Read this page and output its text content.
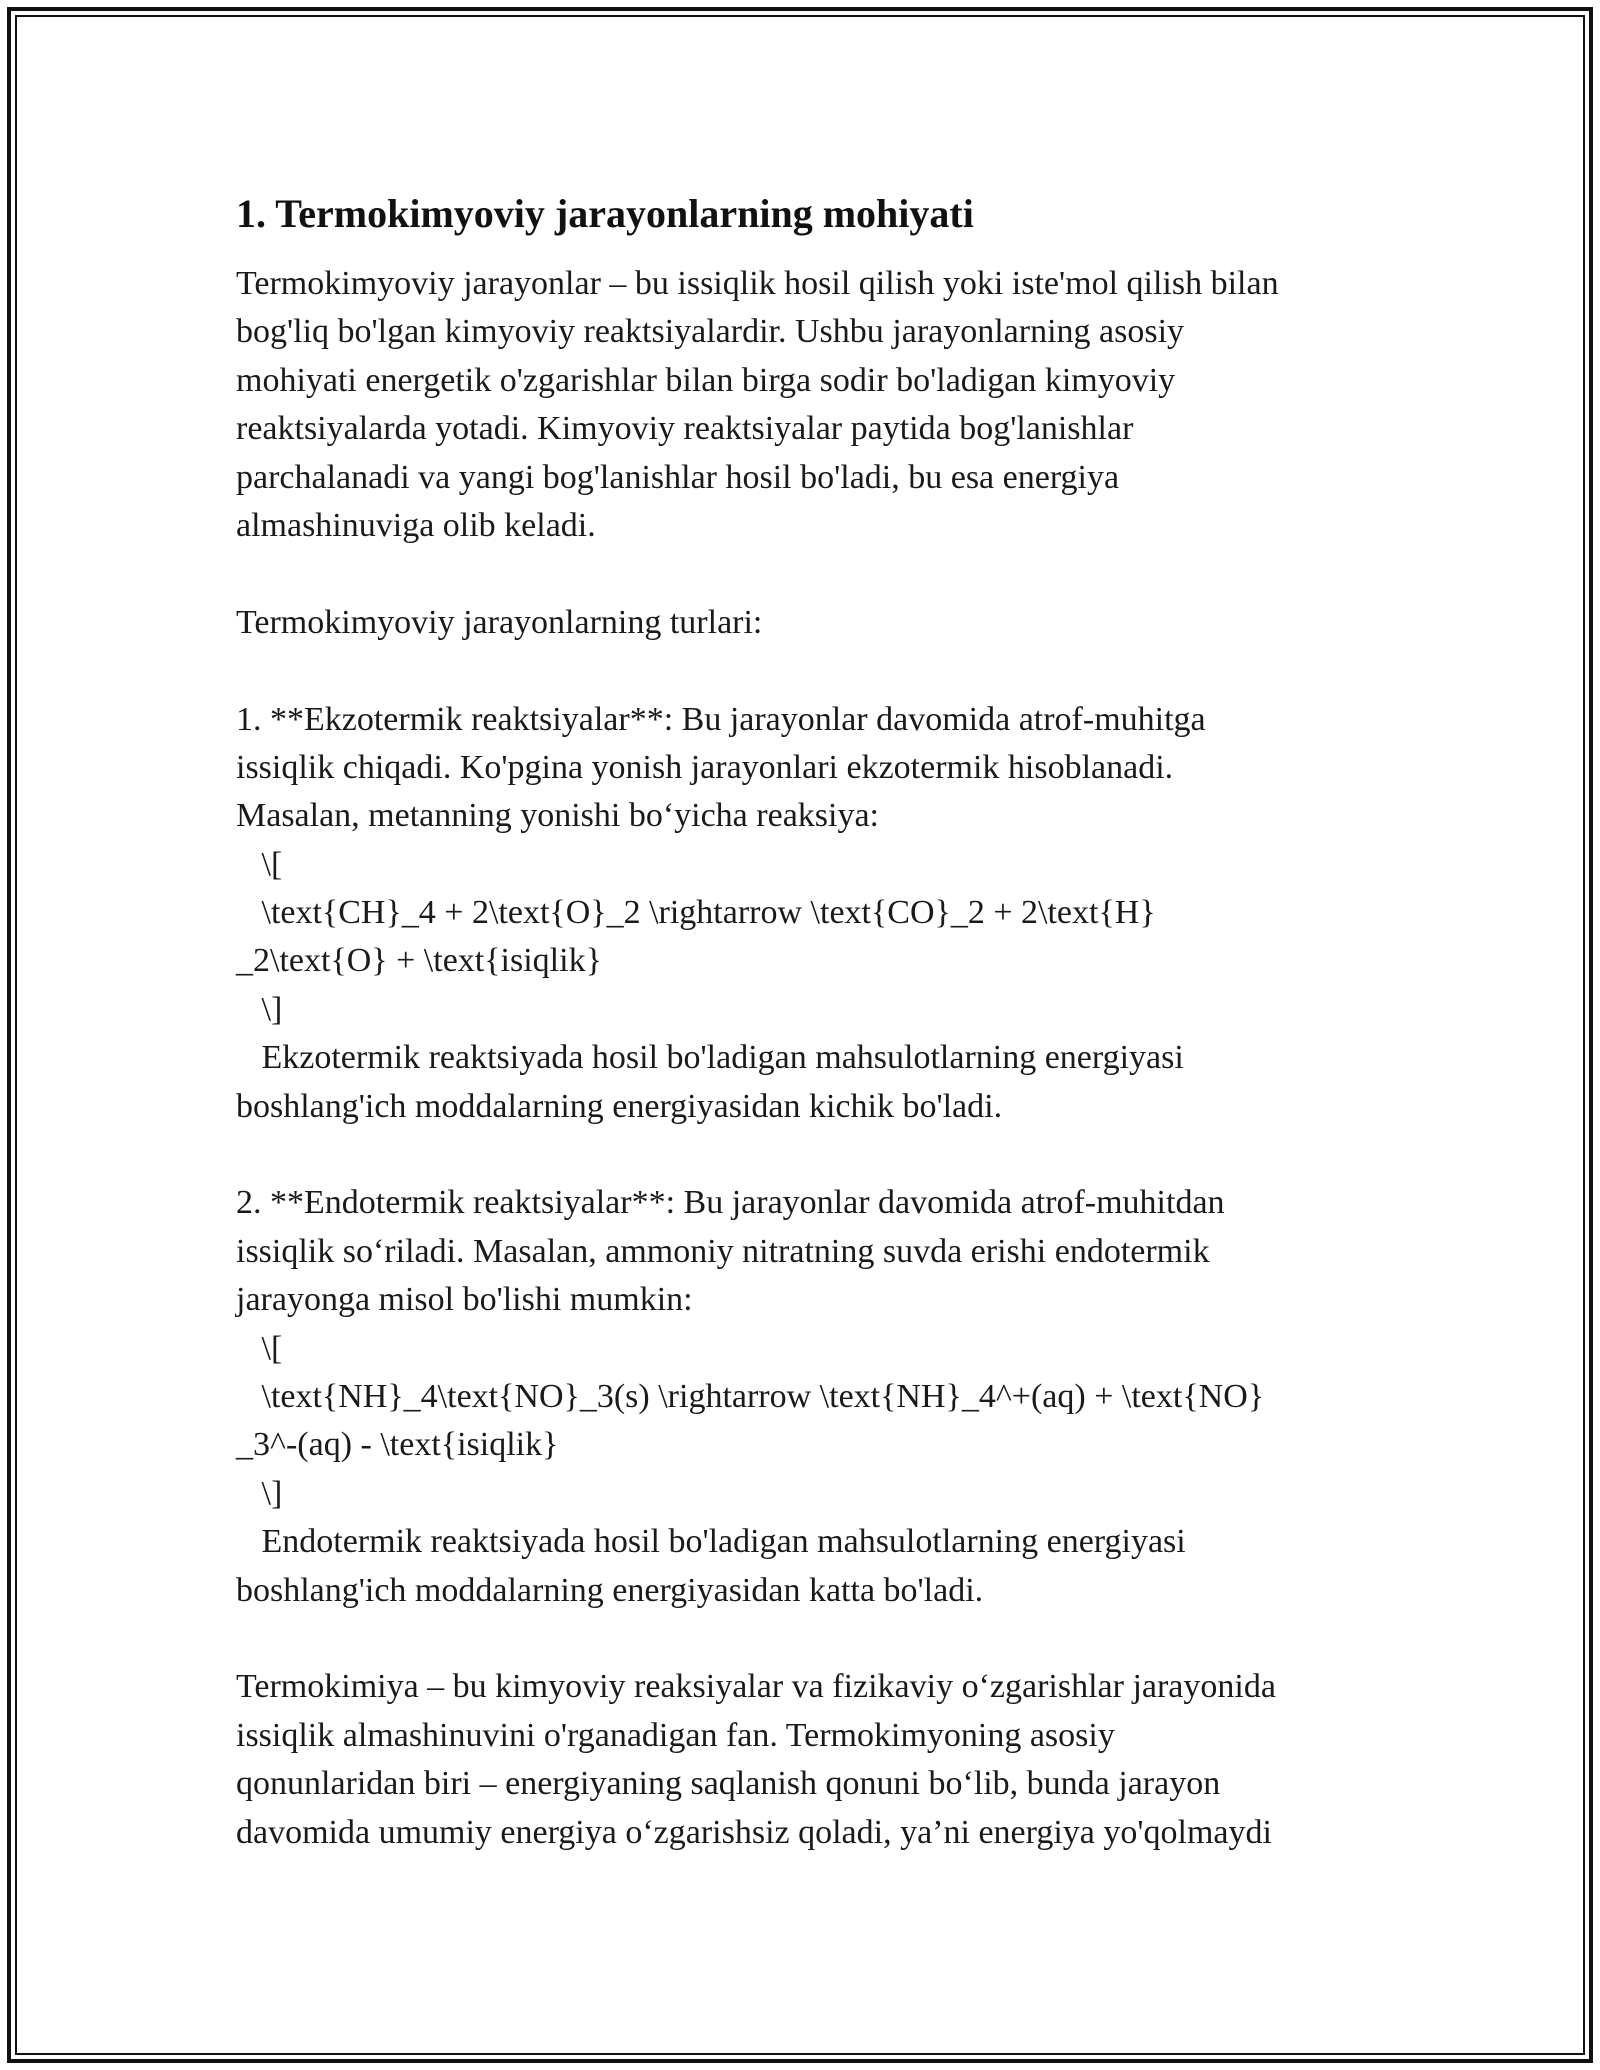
1. Termokimyoviy jarayonlarning mohiyati
Termokimyoviy jarayonlar – bu issiqlik hosil qilish yoki iste'mol qilish bilan
bog'liq bo'lgan kimyoviy reaktsiyalardir. Ushbu jarayonlarning asosiy
mohiyati energetik o'zgarishlar bilan birga sodir bo'ladigan kimyoviy
reaktsiyalarda yotadi. Kimyoviy reaktsiyalar paytida bog'lanishlar
parchalanadi va yangi bog'lanishlar hosil bo'ladi, bu esa energiya
almashinuviga olib keladi.
Termokimyoviy jarayonlarning turlari:
1. **Ekzotermik reaktsiyalar**: Bu jarayonlar davomida atrof-muhitga
issiqlik chiqadi. Ko'pgina yonish jarayonlari ekzotermik hisoblanadi.
Masalan, metanning yonishi bo‘yicha reaksiya:
\[
\text{CH}_4 + 2\text{O}_2 \rightarrow \text{CO}_2 + 2\text{H}
_2\text{O} + \text{isiqlik}
\]
Ekzotermik reaktsiyada hosil bo'ladigan mahsulotlarning energiyasi
boshlang'ich moddalarning energiyasidan kichik bo'ladi.
2. **Endotermik reaktsiyalar**: Bu jarayonlar davomida atrof-muhitdan
issiqlik so‘riladi. Masalan, ammoniy nitratning suvda erishi endotermik
jarayonga misol bo'lishi mumkin:
\[
\text{NH}_4\text{NO}_3(s) \rightarrow \text{NH}_4^+(aq) + \text{NO}
_3^-(aq) - \text{isiqlik}
\]
Endotermik reaktsiyada hosil bo'ladigan mahsulotlarning energiyasi
boshlang'ich moddalarning energiyasidan katta bo'ladi.
Termokimiya – bu kimyoviy reaksiyalar va fizikaviy o‘zgarishlar jarayonida
issiqlik almashinuvini o'rganadigan fan. Termokimyoning asosiy
qonunlaridan biri – energiyaning saqlanish qonuni bo‘lib, bunda jarayon
davomida umumiy energiya o‘zgarishsiz qoladi, ya’ni energiya yo'qolmaydi
